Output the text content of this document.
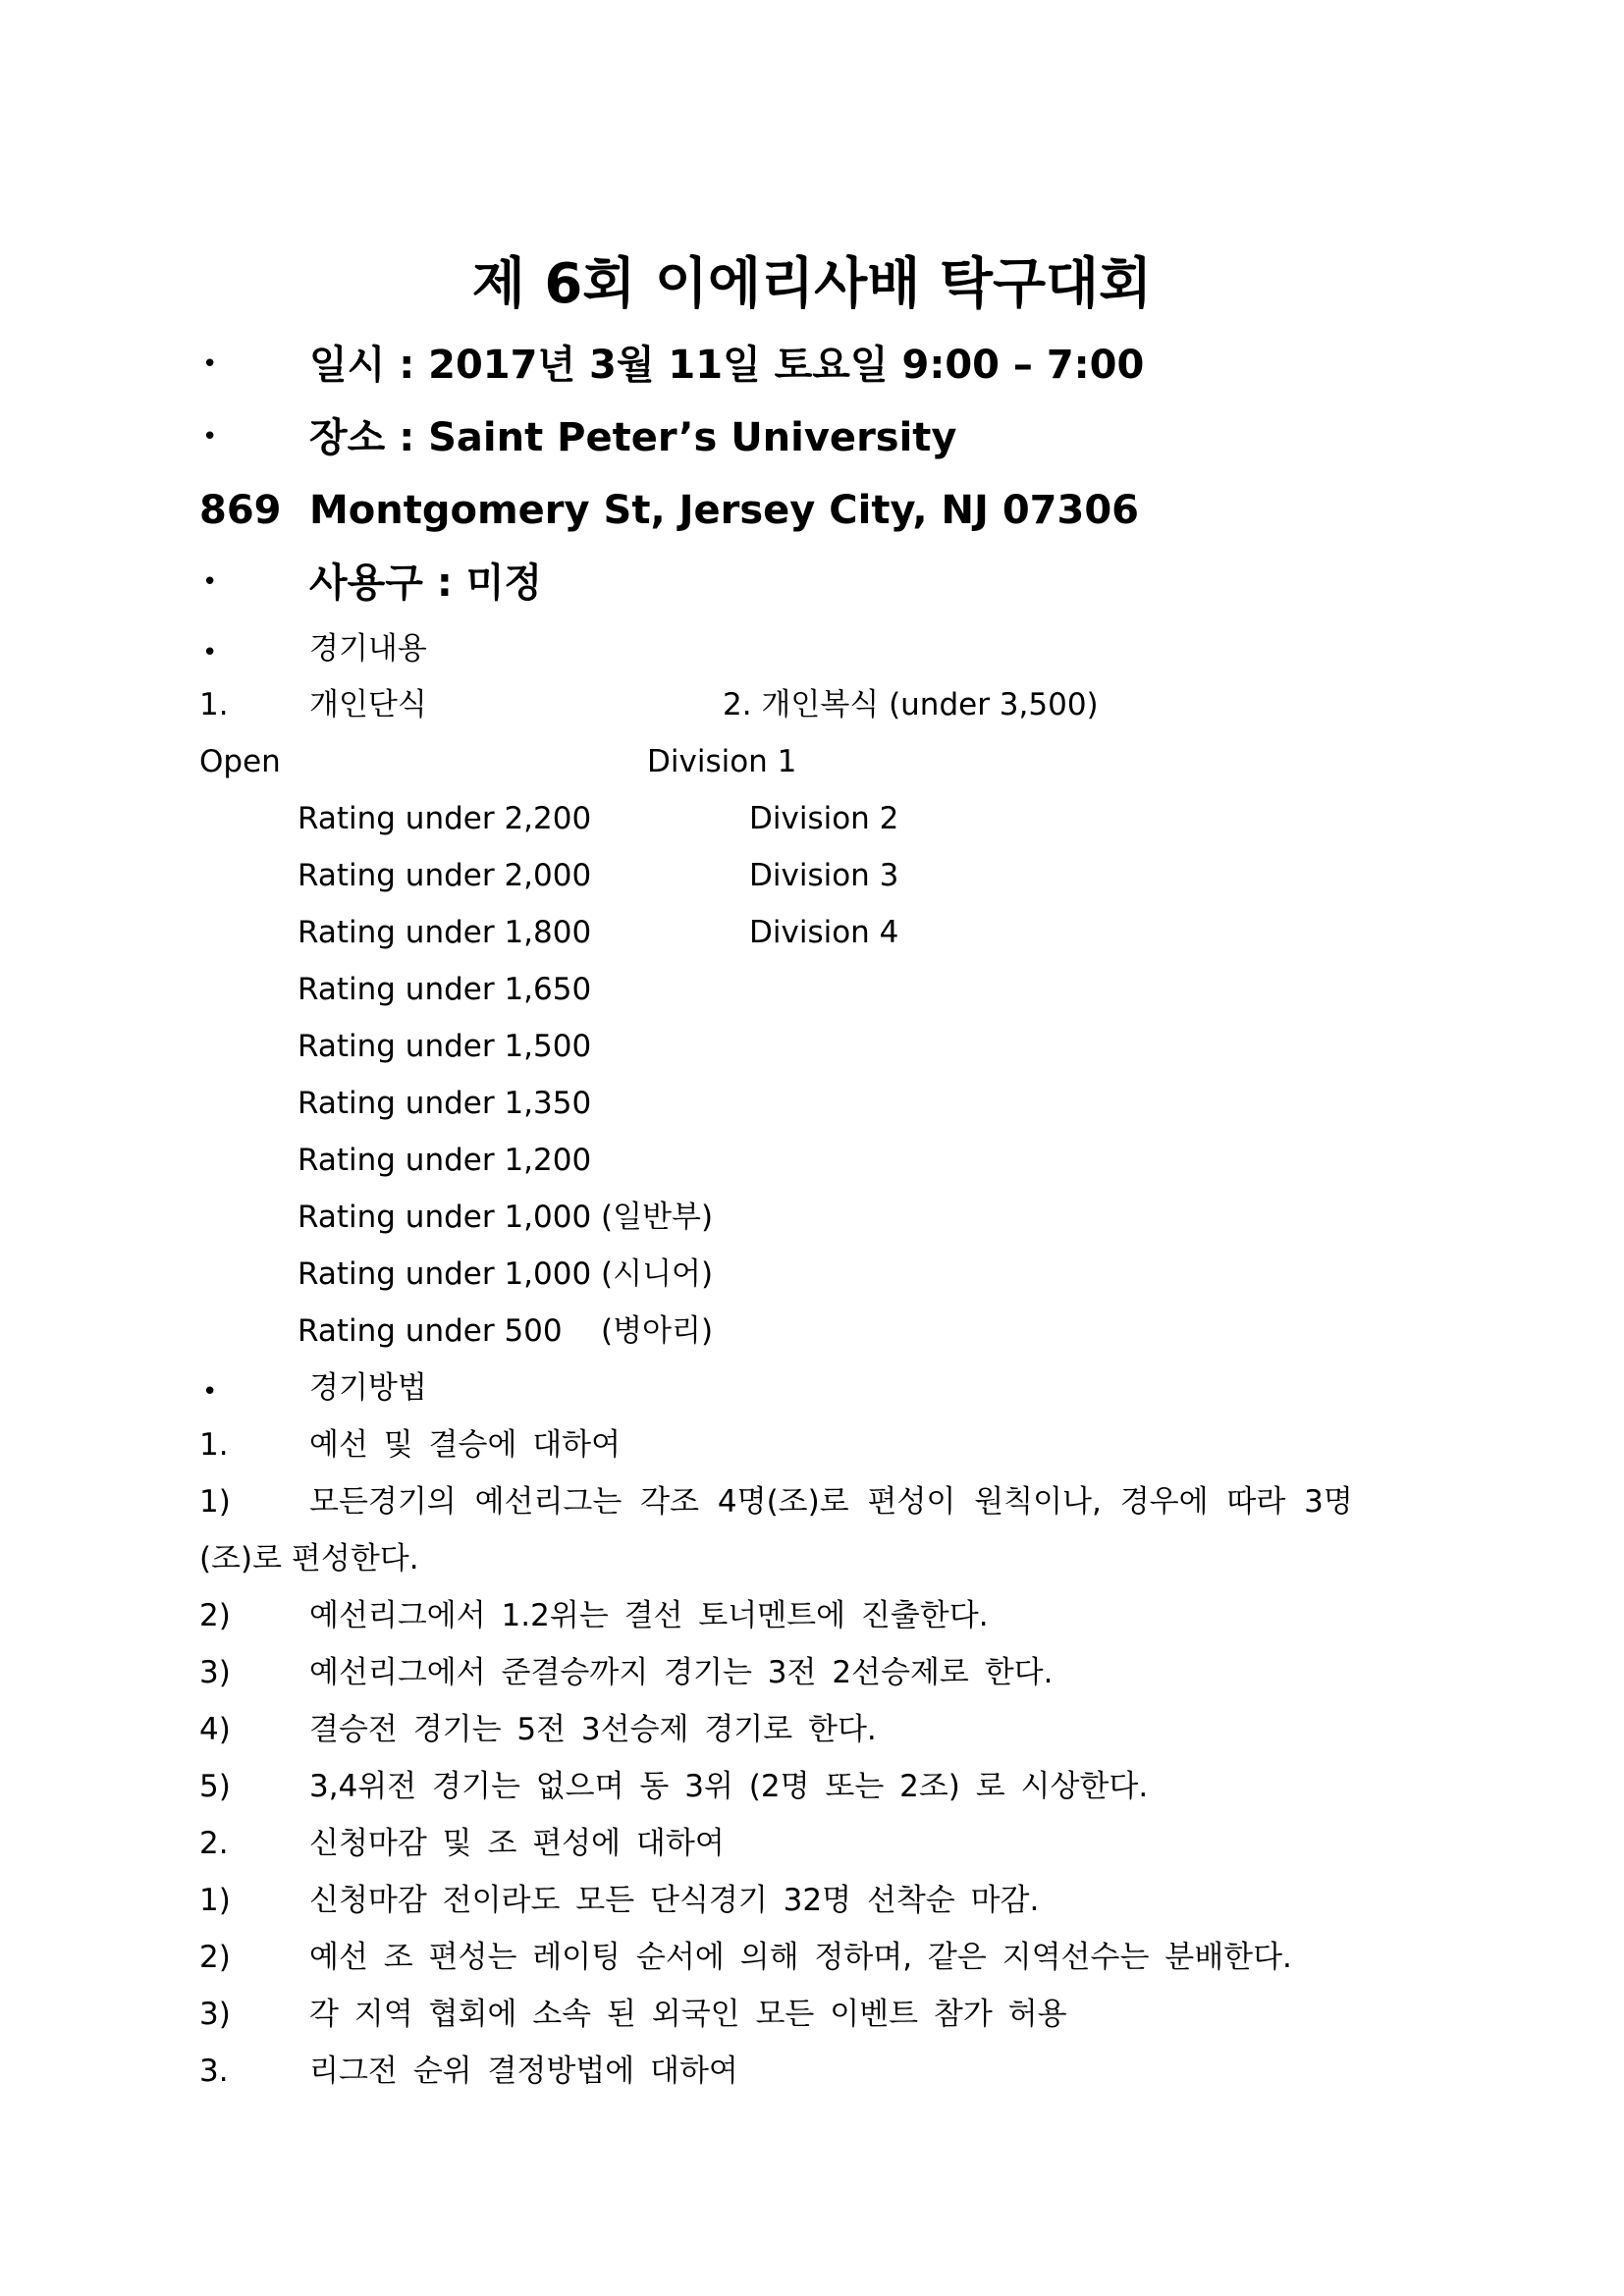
제 6회 이에리사배 탁구대회
• 일시 : 2017년 3월 11일 토요일 9:00 – 7:00
• 장소 : Saint Peter’s University
869 Montgomery St, Jersey City, NJ 07306
• 사용구 : 미정
•	경기내용
1.	개인단식	2. 개인복식 (under 3,500)
Open	Division 1
Rating under 2,200	Division 2
Rating under 2,000	Division 3
Rating under 1,800	Division 4
Rating under 1,650
Rating under 1,500
Rating under 1,350
Rating under 1,200
Rating under 1,000 (일반부)
Rating under 1,000 (시니어)
Rating under 500    (병아리)
•	경기방법
1.	예선 및 결승에 대하여
1)	모든경기의 예선리그는 각조 4명(조)로 편성이 원칙이나, 경우에 따라 3명
(조)로 편성한다.
2)	예선리그에서 1.2위는 결선 토너멘트에 진출한다.
3)	예선리그에서 준결승까지 경기는 3전 2선승제로 한다.
4)	결승전 경기는 5전 3선승제 경기로 한다.
5)	3,4위전 경기는 없으며 동 3위 (2명 또는 2조) 로 시상한다.
2.	신청마감 및 조 편성에 대하여
1)	신청마감 전이라도 모든 단식경기 32명 선착순 마감.
2)	예선 조 편성는 레이팅 순서에 의해 정하며, 같은 지역선수는 분배한다.
3)	각 지역 협회에 소속 된 외국인 모든 이벤트 참가 허용
3.	리그전 순위 결정방법에 대하여
